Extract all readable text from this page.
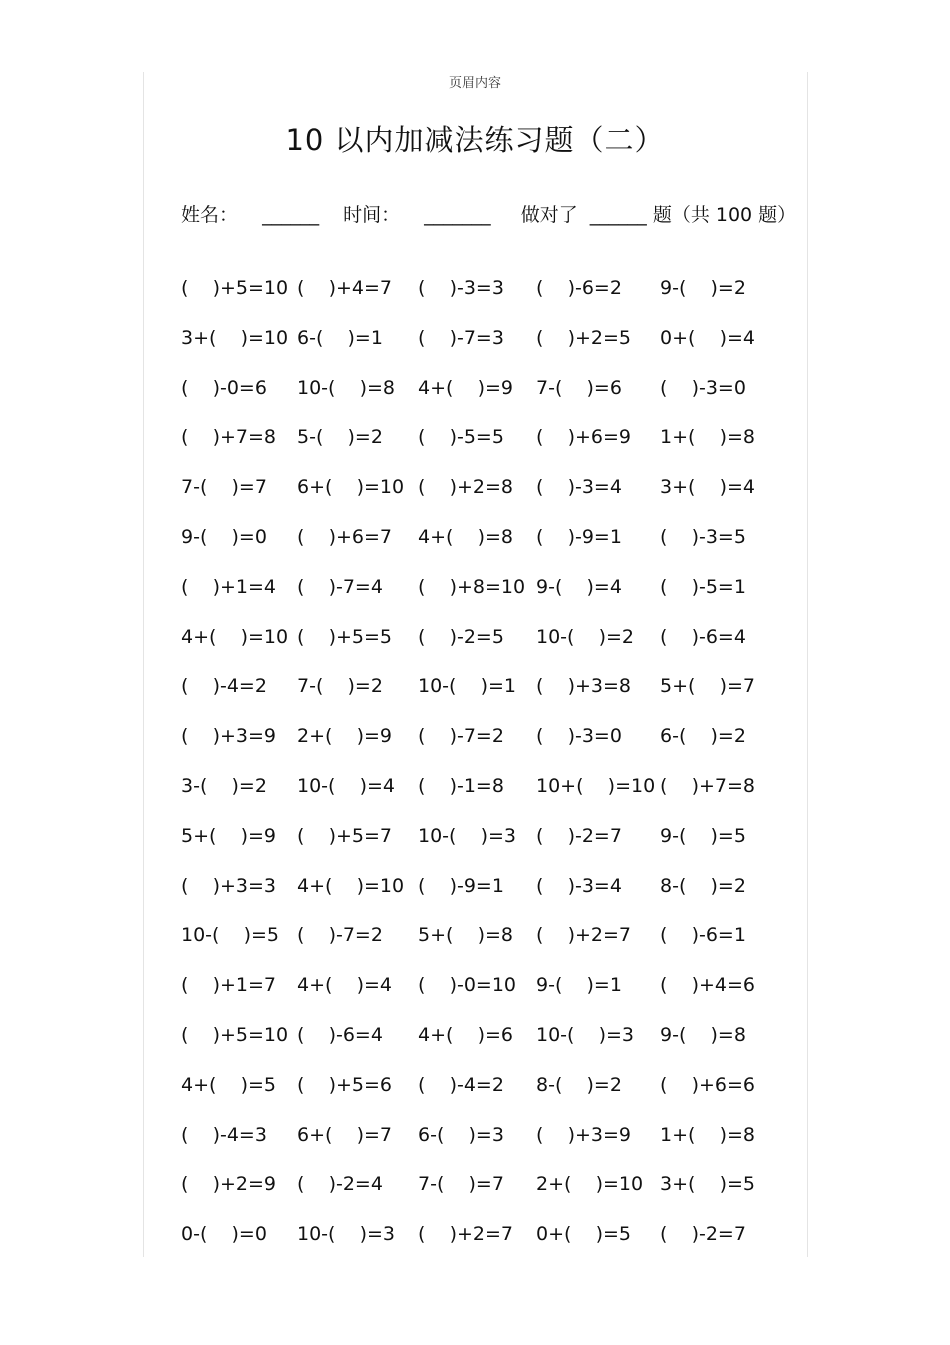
页眉内容
10 以内加减法练习题（二）
姓名： ______ 时间： _______ 做对了 ______ 题（共 100 题）
(    )+5=10 (    )+4=7 (    )-3=3 (    )-6=2 9-(    )=2
3+(    )=10 6-(    )=1 (    )-7=3 (    )+2=5 0+(    )=4
(    )-0=6 10-(    )=8 4+(    )=9 7-(    )=6 (    )-3=0
(    )+7=8 5-(    )=2 (    )-5=5 (    )+6=9 1+(    )=8
7-(    )=7 6+(    )=10 (    )+2=8 (    )-3=4 3+(    )=4
9-(    )=0 (    )+6=7 4+(    )=8 (    )-9=1 (    )-3=5
(    )+1=4 (    )-7=4 (    )+8=10 9-(    )=4 (    )-5=1
4+(    )=10 (    )+5=5 (    )-2=5 10-(    )=2 (    )-6=4
(    )-4=2 7-(    )=2 10-(    )=1 (    )+3=8 5+(    )=7
(    )+3=9 2+(    )=9 (    )-7=2 (    )-3=0 6-(    )=2
3-(    )=2 10-(    )=4 (    )-1=8 10+(    )=10 (    )+7=8
5+(    )=9 (    )+5=7 10-(    )=3 (    )-2=7 9-(    )=5
(    )+3=3 4+(    )=10 (    )-9=1 (    )-3=4 8-(    )=2
10-(    )=5 (    )-7=2 5+(    )=8 (    )+2=7 (    )-6=1
(    )+1=7 4+(    )=4 (    )-0=10 9-(    )=1 (    )+4=6
(    )+5=10 (    )-6=4 4+(    )=6 10-(    )=3 9-(    )=8
4+(    )=5 (    )+5=6 (    )-4=2 8-(    )=2 (    )+6=6
(    )-4=3 6+(    )=7 6-(    )=3 (    )+3=9 1+(    )=8
(    )+2=9 (    )-2=4 7-(    )=7 2+(    )=10 3+(    )=5
0-(    )=0 10-(    )=3 (    )+2=7 0+(    )=5 (    )-2=7
